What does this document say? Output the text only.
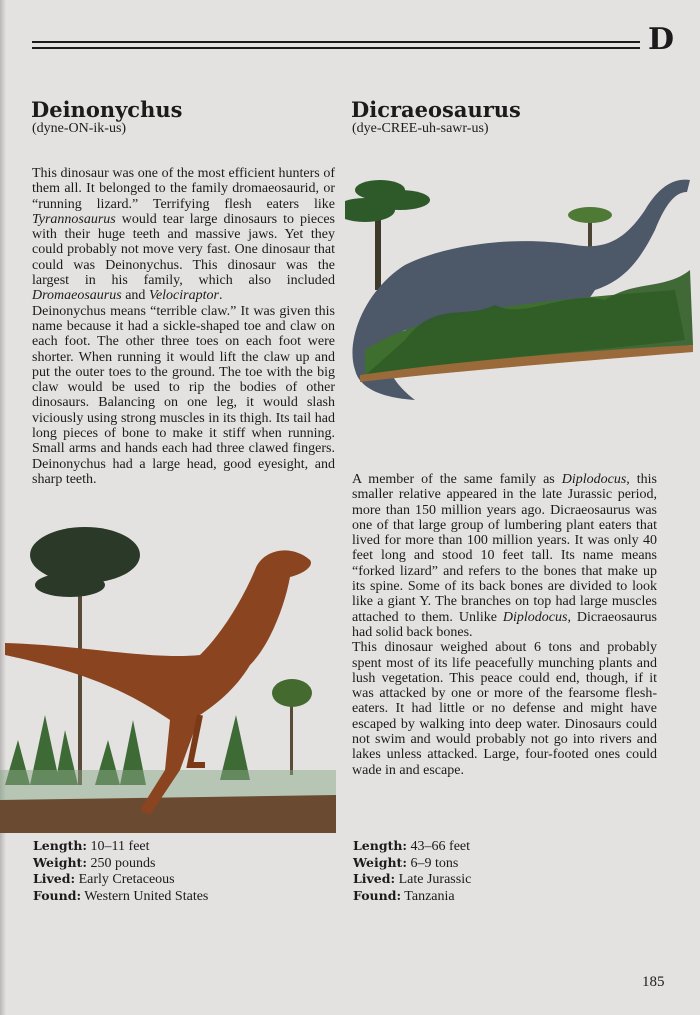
D
Deinonychus
(dyne-ON-ik-us)

This dinosaur was one of the most efficient hunters of them all. It belonged to the family dromaeosaurid, or “running lizard.” Terrifying flesh eaters like Tyrannosaurus would tear large dinosaurs to pieces with their huge teeth and massive jaws. Yet they could probably not move very fast. One dinosaur that could was Deinonychus. This dinosaur was the largest in his family, which also included Dromaeosaurus and Velociraptor.

Deinonychus means “terrible claw.” It was given this name because it had a sickle-shaped toe and claw on each foot. The other three toes on each foot were shorter. When running it would lift the claw up and put the outer toes to the ground. The toe with the big claw would be used to rip the bodies of other dinosaurs. Balancing on one leg, it would slash viciously using strong muscles in its thigh. Its tail had long pieces of bone to make it stiff when running. Small arms and hands each had three clawed fingers. Deinonychus had a large head, good eyesight, and sharp teeth.

Dicraeosaurus
(dye-CREE-uh-sawr-us)

A member of the same family as Diplodocus, this smaller relative appeared in the late Jurassic period, more than 150 million years ago. Dicraeosaurus was one of that large group of lumbering plant eaters that lived for more than 100 million years. It was only 40 feet long and stood 10 feet tall. Its name means “forked lizard” and refers to the bones that make up its spine. Some of its back bones are divided to look like a giant Y. The branches on top had large muscles attached to them. Unlike Diplodocus, Dicraeosaurus had solid back bones.

This dinosaur weighed about 6 tons and probably spent most of its life peacefully munching plants and lush vegetation. This peace could end, though, if it was attacked by one or more of the fearsome flesh-eaters. It had little or no defense and might have escaped by walking into deep water. Dinosaurs could not swim and would probably not go into rivers and lakes unless attacked. Large, four-footed ones could wade in and escape.

Length: 10–11 feet
Weight: 250 pounds
Lived: Early Cretaceous
Found: Western United States
Length: 43–66 feet
Weight: 6–9 tons
Lived: Late Jurassic
Found: Tanzania
185
